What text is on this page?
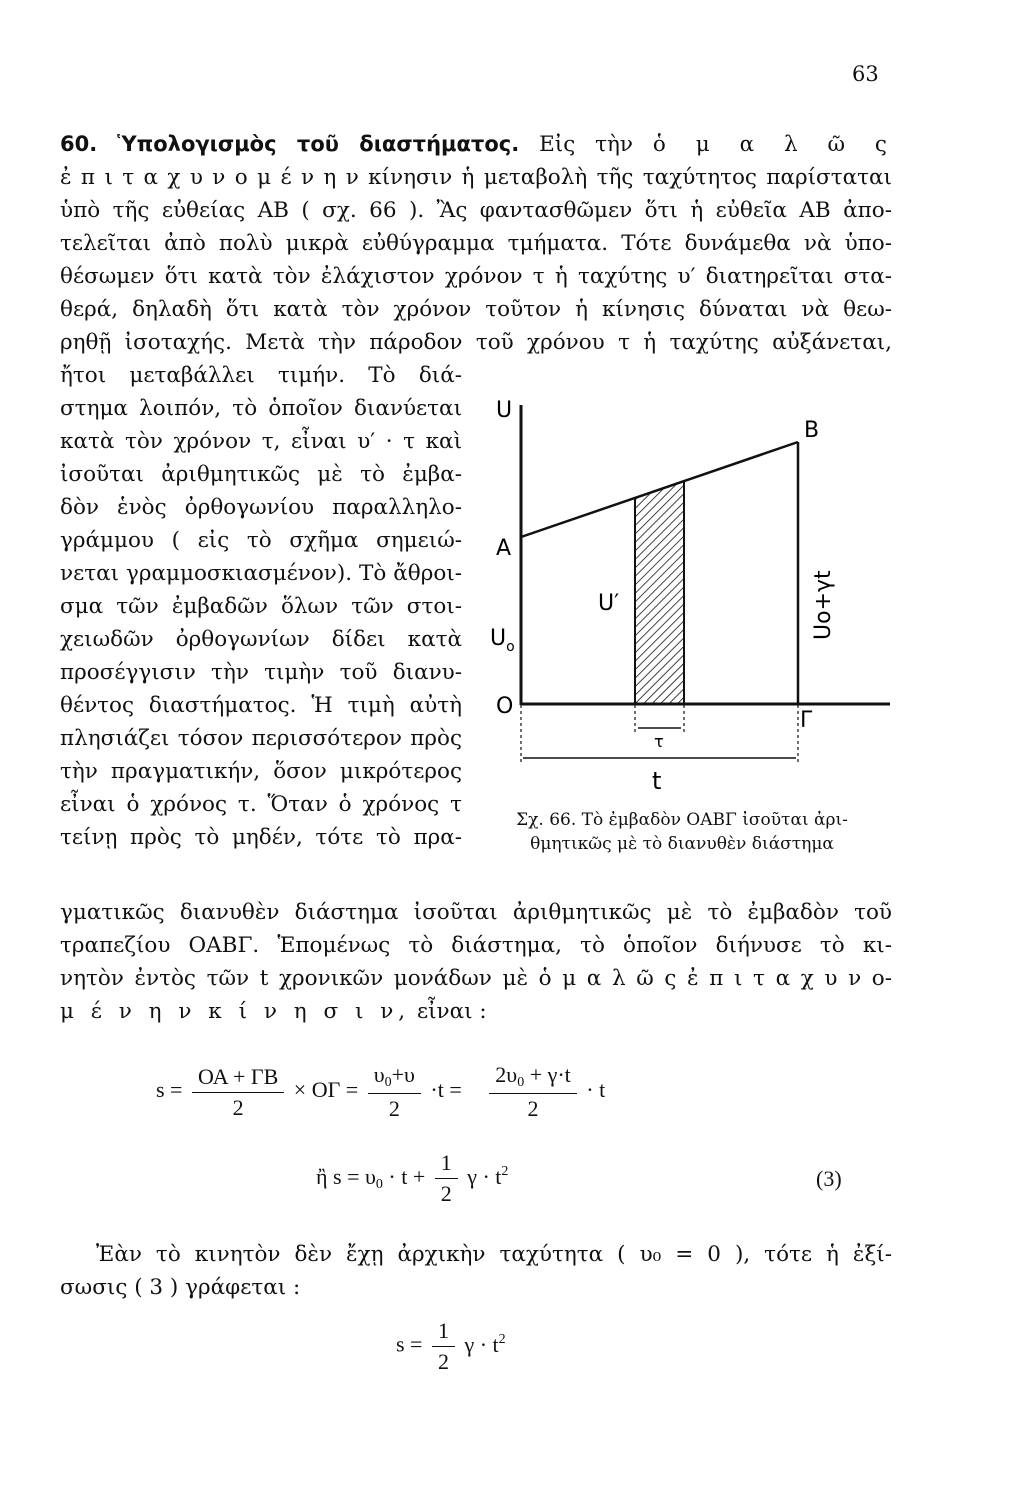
63
60. Ὑπολογισμὸς τοῦ διαστήματος. Εἰς τὴν ὁ μ α λ ῶ ς
ἐ π ι τ α χ υ ν ο μ έ ν η ν κίνησιν ἡ μεταβολὴ τῆς ταχύτητος παρίσταται
ὑπὸ τῆς εὐθείας ΑΒ ( σχ. 66 ). Ἂς φαντασθῶμεν ὅτι ἡ εὐθεῖα ΑΒ ἀπο-
τελεῖται ἀπὸ πολὺ μικρὰ εὐθύγραμμα τμήματα. Τότε δυνάμεθα νὰ ὑπο-
θέσωμεν ὅτι κατὰ τὸν ἐλάχιστον χρόνον τ ἡ ταχύτης υ′ διατηρεῖται στα-
θερά, δηλαδὴ ὅτι κατὰ τὸν χρόνον τοῦτον ἡ κίνησις δύναται νὰ θεω-
ρηθῇ ἰσοταχής. Μετὰ τὴν πάροδον τοῦ χρόνου τ ἡ ταχύτης αὐξάνεται,
ἤτοι μεταβάλλει τιμήν. Τὸ διά-
στημα λοιπόν, τὸ ὁποῖον διανύεται
κατὰ τὸν χρόνον τ, εἶναι υ′ · τ καὶ
ἰσοῦται ἀριθμητικῶς μὲ τὸ ἐμβα-
δὸν ἑνὸς ὀρθογωνίου παραλληλο-
γράμμου ( εἰς τὸ σχῆμα σημειώ-
νεται γραμμοσκιασμένον). Τὸ ἄθροι-
σμα τῶν ἐμβαδῶν ὅλων τῶν στοι-
χειωδῶν ὀρθογωνίων δίδει κατὰ
προσέγγισιν τὴν τιμὴν τοῦ διανυ-
θέντος διαστήματος. Ἡ τιμὴ αὐτὴ
πλησιάζει τόσον περισσότερον πρὸς
τὴν πραγματικήν, ὅσον μικρότερος
εἶναι ὁ χρόνος τ. Ὅταν ὁ χρόνος τ
τείνῃ πρὸς τὸ μηδέν, τότε τὸ πρα-
U
B
A
U′
$U_o$
O
Γ
τ
t
Uo+γt
Σχ. 66. Τὸ ἐμβαδὸν ΟΑΒΓ ἰσοῦται ἀρι-
θμητικῶς μὲ τὸ διανυθὲν διάστημα
γματικῶς διανυθὲν διάστημα ἰσοῦται ἀριθμητικῶς μὲ τὸ ἐμβαδὸν τοῦ
τραπεζίου ΟΑΒΓ. Ἑπομένως τὸ διάστημα, τὸ ὁποῖον διήνυσε τὸ κι-
νητὸν ἐντὸς τῶν t χρονικῶν μονάδων μὲ ὁ μ α λ ῶ ς ἐ π ι τ α χ υ ν ο-
μ έ ν η ν κ ί ν η σ ι ν, εἶναι :
$s = \frac{OA + \Gamma B}{2} \times O\Gamma = \frac{\upsilon_0+\upsilon}{2} \cdot t = \frac{2\upsilon_0 + \gamma\cdot t}{2} \cdot t$
ἢ $s = \upsilon_0 \cdot t + \frac{1}{2}$ $\gamma \cdot t^2$	(3)
Ἐὰν τὸ κινητὸν δὲν ἔχῃ ἀρχικὴν ταχύτητα ( υ₀ = 0 ), τότε ἡ ἐξί-
σωσις ( 3 ) γράφεται :
$s = \frac{1}{2}$ $\gamma \cdot t^2$
